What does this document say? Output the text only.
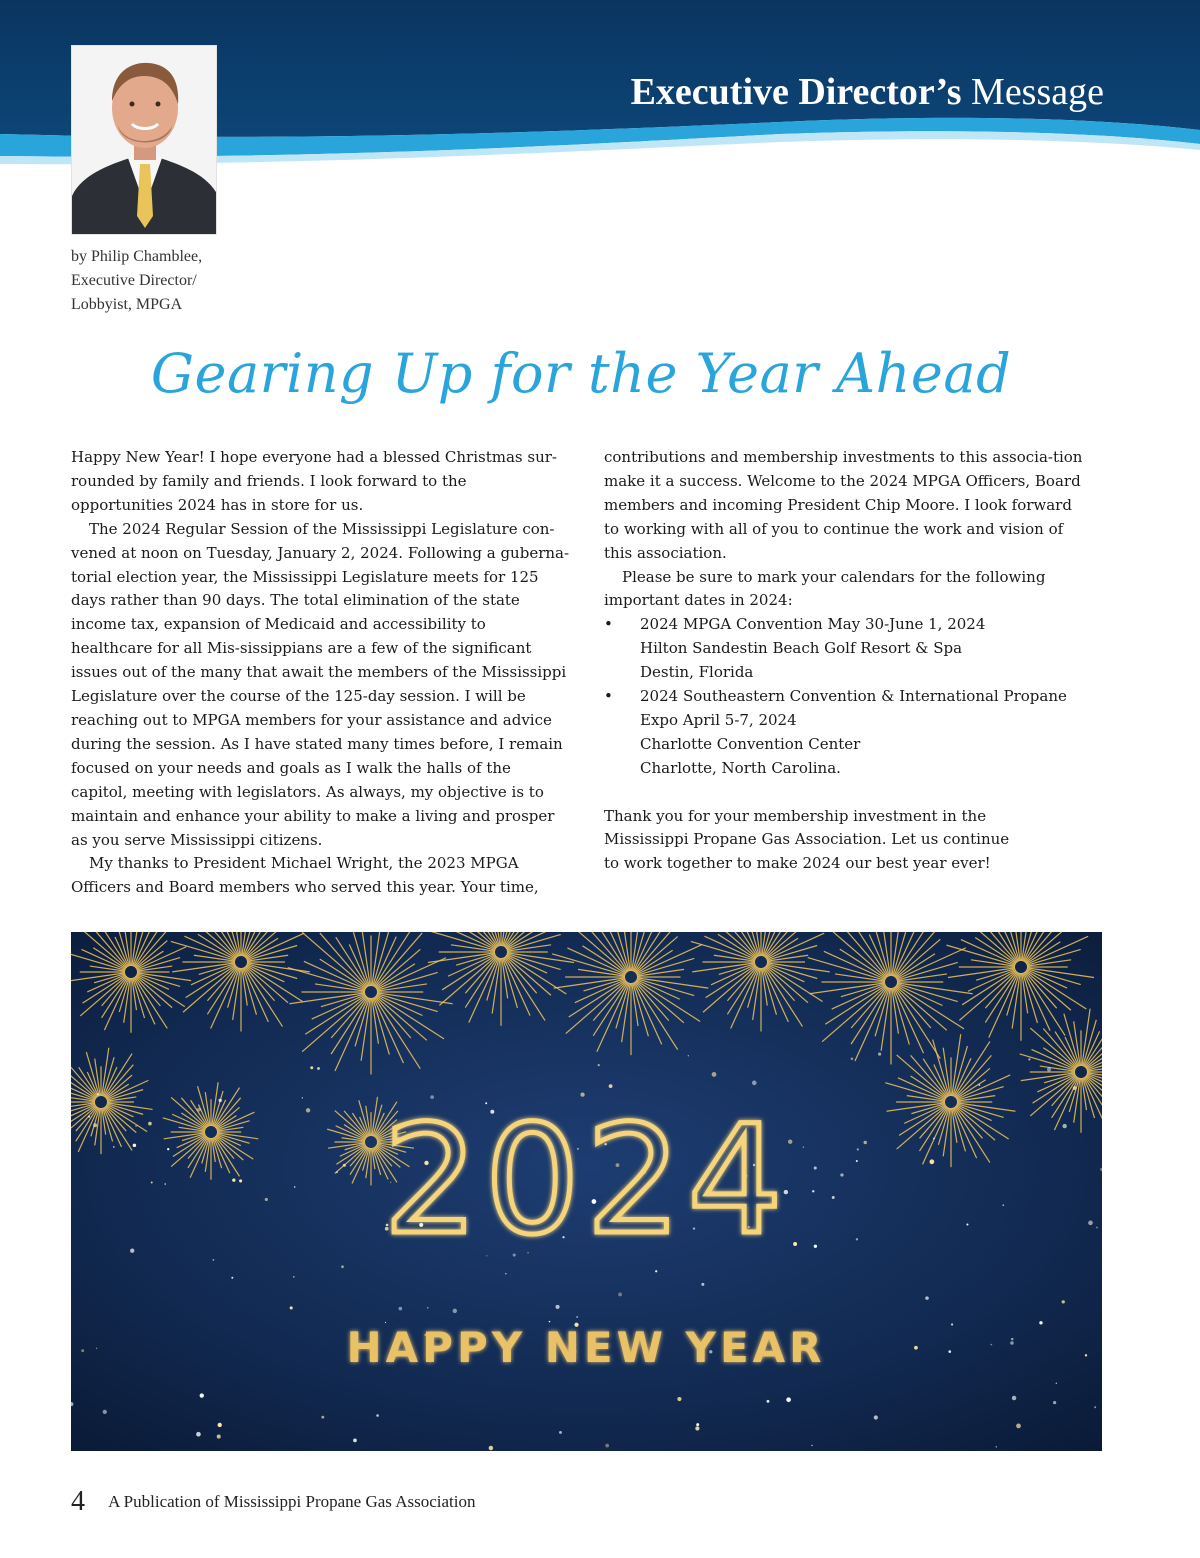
Executive Director’s Message
by Philip Chamblee,
Executive Director/
Lobbyist, MPGA
Gearing Up for the Year Ahead

Happy New Year! I hope everyone had a blessed Christmas sur-rounded by family and friends. I look forward to the opportunities 2024 has in store for us.

The 2024 Regular Session of the Mississippi Legislature con-vened at noon on Tuesday, January 2, 2024. Following a guberna-torial election year, the Mississippi Legislature meets for 125 days rather than 90 days. The total elimination of the state income tax, expansion of Medicaid and accessibility to healthcare for all Mis-sissippians are a few of the significant issues out of the many that await the members of the Mississippi Legislature over the course of the 125-day session. I will be reaching out to MPGA members for your assistance and advice during the session. As I have stated many times before, I remain focused on your needs and goals as I walk the halls of the capitol, meeting with legislators. As always, my objective is to maintain and enhance your ability to make a living and prosper as you serve Mississippi citizens.

My thanks to President Michael Wright, the 2023 MPGA Officers and Board members who served this year. Your time,

contributions and membership investments to this associa-tion make it a success. Welcome to the 2024 MPGA Officers, Board members and incoming President Chip Moore. I look forward to working with all of you to continue the work and vision of this association.

Please be sure to mark your calendars for the following important dates in 2024:

• 2024 MPGA Convention May 30-June 1, 2024
Hilton Sandestin Beach Golf Resort & Spa
Destin, Florida
• 2024 Southeastern Convention & International Propane Expo April 5-7, 2024
Charlotte Convention Center
Charlotte, North Carolina.

Thank you for your membership investment in the
Mississippi Propane Gas Association. Let us continue
to work together to make 2024 our best year ever!

2024
HAPPY NEW YEAR
4 A Publication of Mississippi Propane Gas Association
